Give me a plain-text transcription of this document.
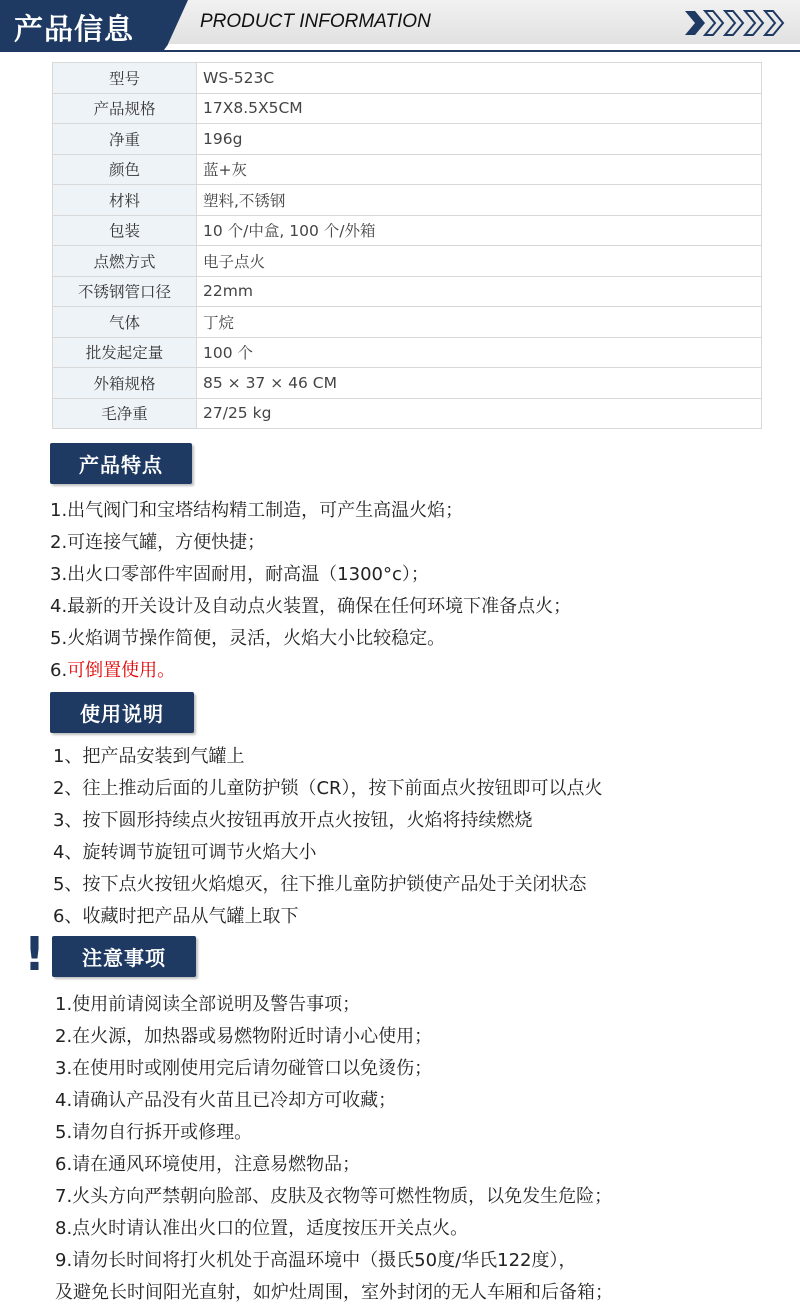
产品信息	PRODUCT INFORMATION
型号	WS-523C
产品规格	17X8.5X5CM
净重	196g
颜色	蓝+灰
材料	塑料,不锈钢
包装	10 个/中盒, 100 个/外箱
点燃方式	电子点火
不锈钢管口径	22mm
气体	丁烷
批发起定量	100 个
外箱规格	85 × 37 × 46 CM
毛净重	27/25 kg
产品特点
1.出气阀门和宝塔结构精工制造，可产生高温火焰；
2.可连接气罐，方便快捷；
3.出火口零部件牢固耐用，耐高温（1300°c）；
4.最新的开关设计及自动点火装置，确保在任何环境下准备点火；
5.火焰调节操作简便，灵活，火焰大小比较稳定。
6.可倒置使用。
使用说明
1、把产品安装到气罐上
2、往上推动后面的儿童防护锁（CR），按下前面点火按钮即可以点火
3、按下圆形持续点火按钮再放开点火按钮，火焰将持续燃烧
4、旋转调节旋钮可调节火焰大小
5、按下点火按钮火焰熄灭，往下推儿童防护锁使产品处于关闭状态
6、收藏时把产品从气罐上取下
!	注意事项
1.使用前请阅读全部说明及警告事项；
2.在火源，加热器或易燃物附近时请小心使用；
3.在使用时或刚使用完后请勿碰管口以免烫伤；
4.请确认产品没有火苗且已冷却方可收藏；
5.请勿自行拆开或修理。
6.请在通风环境使用，注意易燃物品；
7.火头方向严禁朝向脸部、皮肤及衣物等可燃性物质，以免发生危险；
8.点火时请认准出火口的位置，适度按压开关点火。
9.请勿长时间将打火机处于高温环境中（摄氏50度/华氏122度），
及避免长时间阳光直射，如炉灶周围，室外封闭的无人车厢和后备箱；
